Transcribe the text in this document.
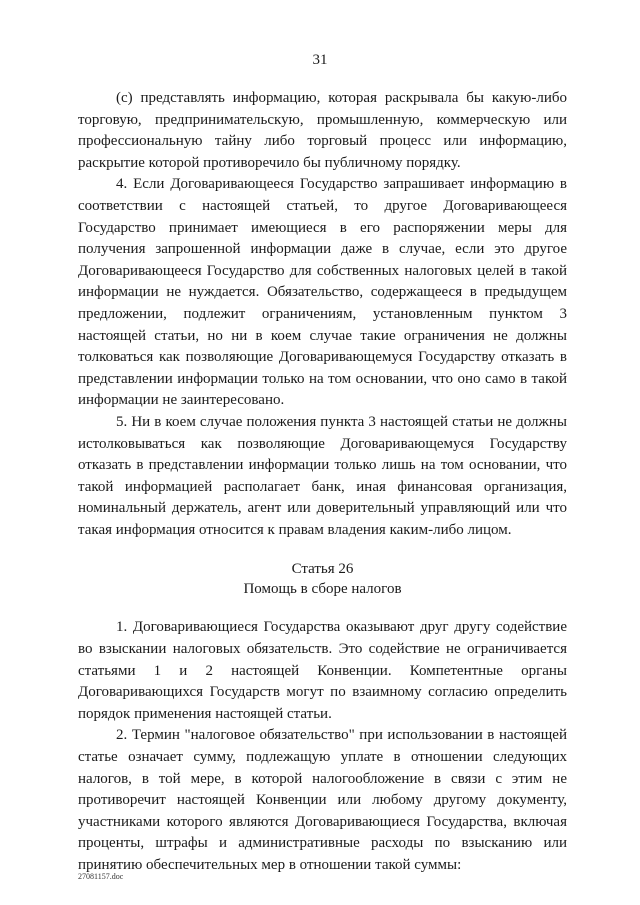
31

(c) представлять информацию, которая раскрывала бы какую-либо торговую, предпринимательскую, промышленную, коммерческую или профессиональную тайну либо торговый процесс или информацию, раскрытие которой противоречило бы публичному порядку.

4. Если Договаривающееся Государство запрашивает информацию в соответствии с настоящей статьей, то другое Договаривающееся Государство принимает имеющиеся в его распоряжении меры для получения запрошенной информации даже в случае, если это другое Договаривающееся Государство для собственных налоговых целей в такой информации не нуждается. Обязательство, содержащееся в предыдущем предложении, подлежит ограничениям, установленным пунктом 3 настоящей статьи, но ни в коем случае такие ограничения не должны толковаться как позволяющие Договаривающемуся Государству отказать в представлении информации только на том основании, что оно само в такой информации не заинтересовано.

5. Ни в коем случае положения пункта 3 настоящей статьи не должны истолковываться как позволяющие Договаривающемуся Государству отказать в представлении информации только лишь на том основании, что такой информацией располагает банк, иная финансовая организация, номинальный держатель, агент или доверительный управляющий или что такая информация относится к правам владения каким-либо лицом.

Статья 26

Помощь в сборе налогов

1. Договаривающиеся Государства оказывают друг другу содействие во взыскании налоговых обязательств. Это содействие не ограничивается статьями 1 и 2 настоящей Конвенции. Компетентные органы Договаривающихся Государств могут по взаимному согласию определить порядок применения настоящей статьи.

2. Термин "налоговое обязательство" при использовании в настоящей статье означает сумму, подлежащую уплате в отношении следующих налогов, в той мере, в которой налогообложение в связи с этим не противоречит настоящей Конвенции или любому другому документу, участниками которого являются Договаривающиеся Государства, включая проценты, штрафы и административные расходы по взысканию или принятию обеспечительных мер в отношении такой суммы:

27081157.doc
